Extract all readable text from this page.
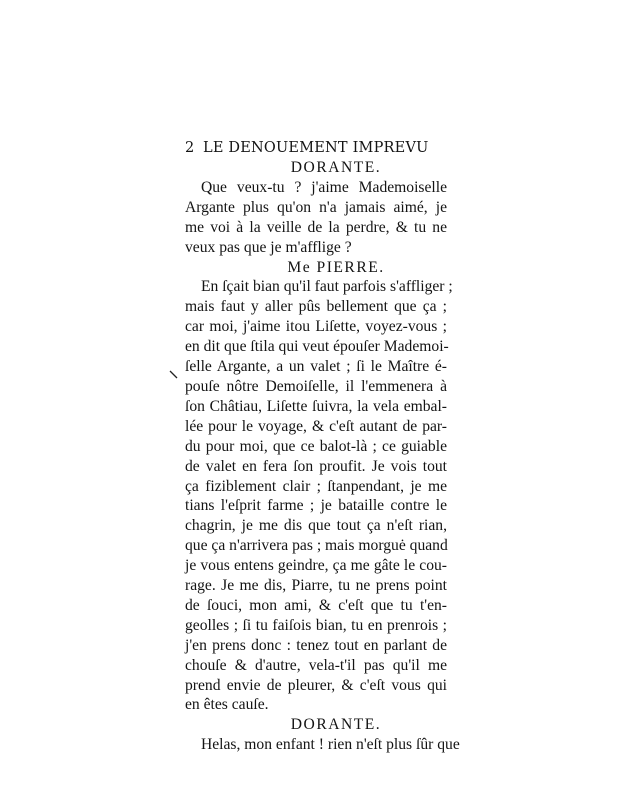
2 LE DENOUEMENT IMPREVU
DORANTE.
Que veux-tu ? j'aime Mademoiselle
Argante plus qu'on n'a jamais aimé, je
me voi à la veille de la perdre, & tu ne
veux pas que je m'afflige ?
Me PIERRE.
En ſçait bian qu'il faut parfois s'affliger ;
mais faut y aller pûs bellement que ça ;
car moi, j'aime itou Liſette, voyez-vous ;
en dit que ſtila qui veut épouſer Mademoi-
ſelle Argante, a un valet ; ſi le Maître é-
pouſe nôtre Demoiſelle, il l'emmenera à
ſon Châtiau, Liſette ſuivra, la vela embal-
lée pour le voyage, & c'eſt autant de par-
du pour moi, que ce balot-là ; ce guiable
de valet en fera ſon proufit. Je vois tout
ça fiziblement clair ; ſtanpendant, je me
tians l'eſprit farme ; je bataille contre le
chagrin, je me dis que tout ça n'eſt rian,
que ça n'arrivera pas ; mais morguė quand
je vous entens geindre, ça me gâte le cou-
rage. Je me dis, Piarre, tu ne prens point
de ſouci, mon ami, & c'eſt que tu t'en-
geolles ; ſi tu faiſois bian, tu en prenrois ;
j'en prens donc : tenez tout en parlant de
chouſe & d'autre, vela-t'il pas qu'il me
prend envie de pleurer, & c'eſt vous qui
en êtes cauſe.
DORANTE.
Helas, mon enfant ! rien n'eſt plus ſûr que
